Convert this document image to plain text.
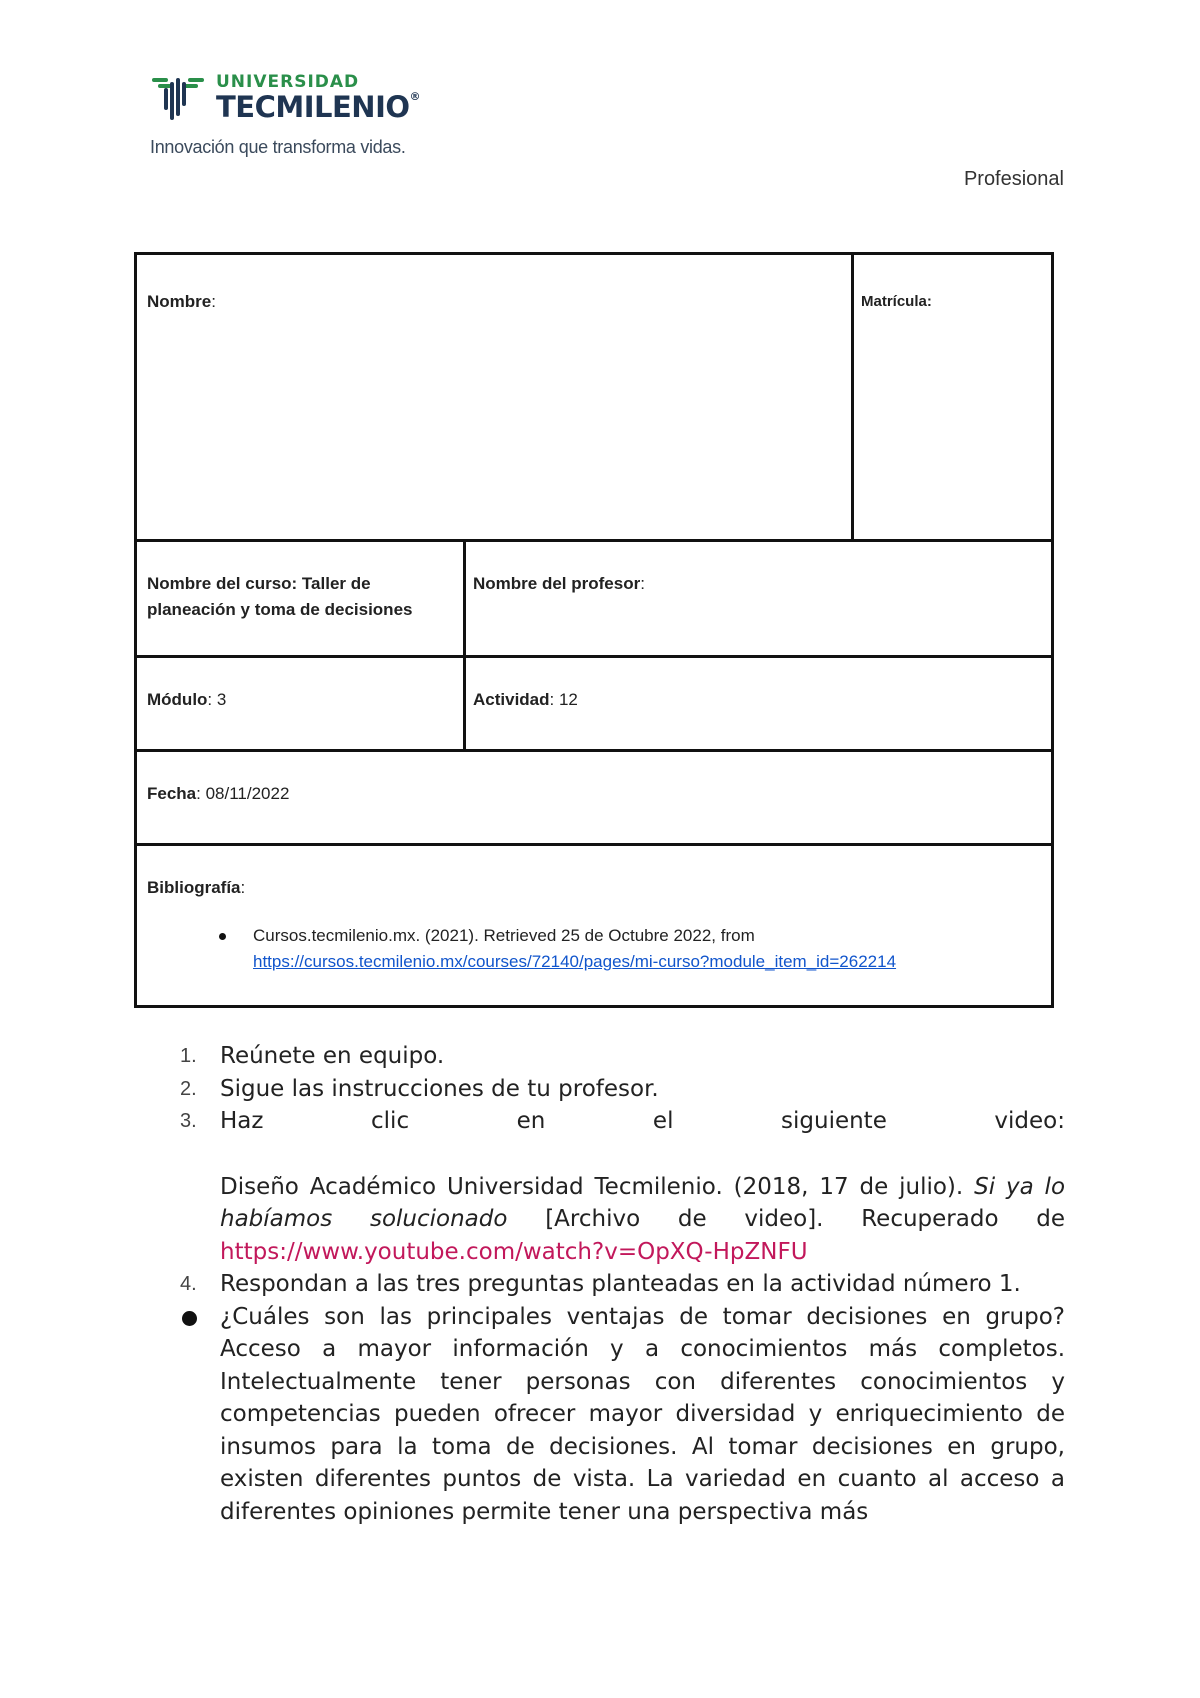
UNIVERSIDAD
TECMILENIO®
Innovación que transforma vidas.
Profesional
Nombre:	Matrícula:
Nombre del curso: Taller de planeación y toma de decisiones
Nombre del profesor:
Módulo: 3	Actividad: 12
Fecha: 08/11/2022
Bibliografía:
Cursos.tecmilenio.mx. (2021). Retrieved 25 de Octubre 2022, from
https://cursos.tecmilenio.mx/courses/72140/pages/mi-curso?module_item_id=262214
1. Reúnete en equipo.
2. Sigue las instrucciones de tu profesor.
3. Haz	clic	en	el	siguiente	video:
Diseño Académico Universidad Tecmilenio. (2018, 17 de julio). Si ya lo habíamos solucionado [Archivo de video]. Recuperado de https://www.youtube.com/watch?v=OpXQ-HpZNFU
4. Respondan a las tres preguntas planteadas en la actividad número 1.
¿Cuáles son las principales ventajas de tomar decisiones en grupo? Acceso a mayor información y a conocimientos más completos. Intelectualmente tener personas con diferentes conocimientos y competencias pueden ofrecer mayor diversidad y enriquecimiento de insumos para la toma de decisiones. Al tomar decisiones en grupo, existen diferentes puntos de vista. La variedad en cuanto al acceso a diferentes opiniones permite tener una perspectiva más
